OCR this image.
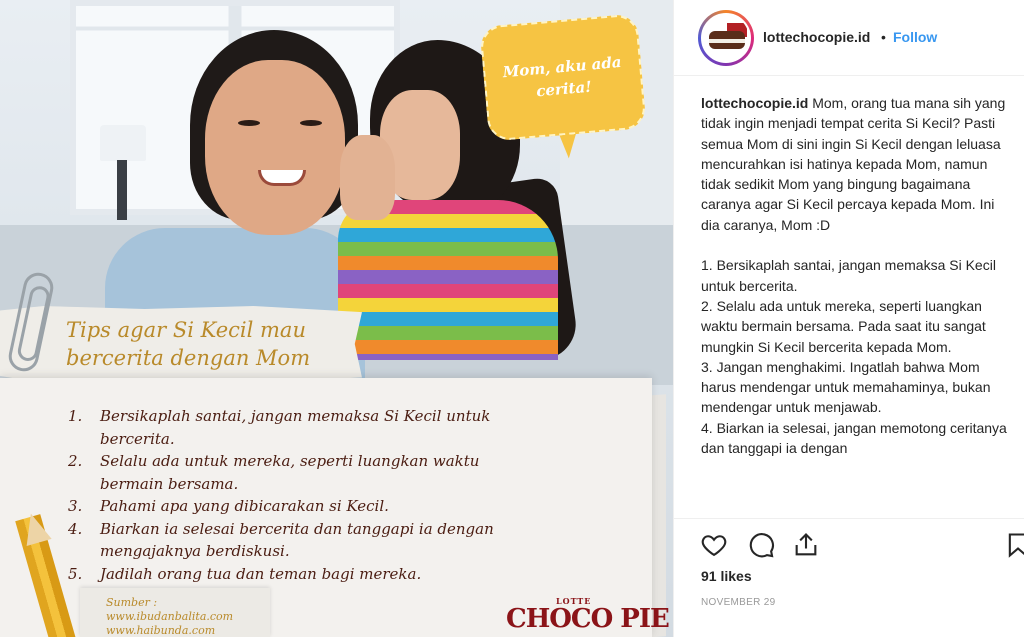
Mom, aku ada cerita!
Tips agar Si Kecil mau bercerita dengan Mom
1. Bersikaplah santai, jangan memaksa Si Kecil untuk bercerita.
2. Selalu ada untuk mereka, seperti luangkan waktu bermain bersama.
3. Pahami apa yang dibicarakan si Kecil.
4. Biarkan ia selesai bercerita dan tanggapi ia dengan mengajaknya berdiskusi.
5. Jadilah orang tua dan teman bagi mereka.
Sumber :
www.ibudanbalita.com
www.haibunda.com
LOTTE
CHOCO PIE
lottechocopie.id • Follow
lottechocopie.id Mom, orang tua mana sih yang tidak ingin menjadi tempat cerita Si Kecil? Pasti semua Mom di sini ingin Si Kecil dengan leluasa mencurahkan isi hatinya kepada Mom, namun tidak sedikit Mom yang bingung bagaimana caranya agar Si Kecil percaya kepada Mom. Ini dia caranya, Mom :D

1. Bersikaplah santai, jangan memaksa Si Kecil untuk bercerita.
2. Selalu ada untuk mereka, seperti luangkan waktu bermain bersama. Pada saat itu sangat mungkin Si Kecil bercerita kepada Mom.
3. Jangan menghakimi. Ingatlah bahwa Mom harus mendengar untuk memahaminya, bukan mendengar untuk menjawab.
4. Biarkan ia selesai, jangan memotong ceritanya dan tanggapi ia dengan
91 likes
NOVEMBER 29
